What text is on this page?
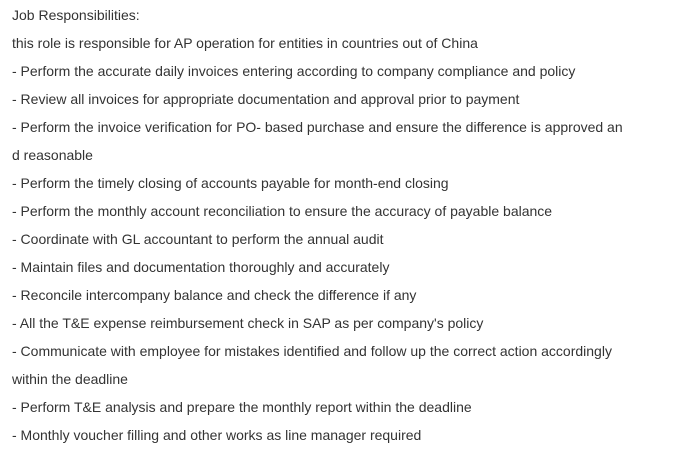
Job Responsibilities:
this role is responsible for AP operation for entities in countries out of China
- Perform the accurate daily invoices entering according to company compliance and policy
- Review all invoices for appropriate documentation and approval prior to payment
- Perform the invoice verification for PO- based purchase and ensure the difference is approved an
d reasonable
- Perform the timely closing of accounts payable for month-end closing
- Perform the monthly account reconciliation to ensure the accuracy of payable balance
- Coordinate with GL accountant to perform the annual audit
- Maintain files and documentation thoroughly and accurately
- Reconcile intercompany balance and check the difference if any
- All the T&E expense reimbursement check in SAP as per company's policy
- Communicate with employee for mistakes identified and follow up the correct action accordingly
within the deadline
- Perform T&E analysis and prepare the monthly report within the deadline
- Monthly voucher filling and other works as line manager required
